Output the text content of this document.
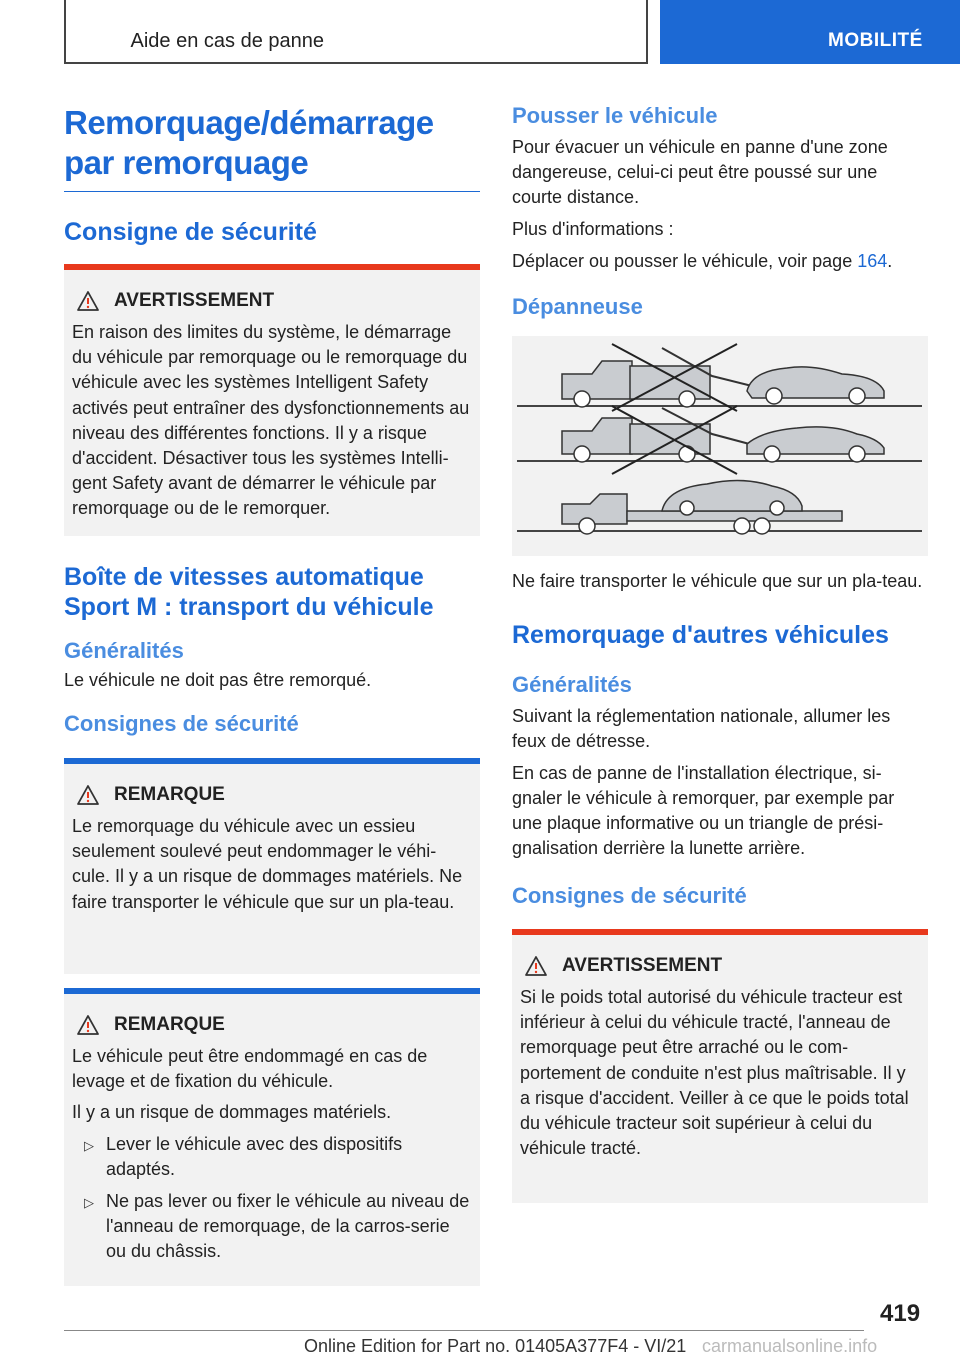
Aide en cas de panne	MOBILITÉ
Remorquage/démarrage
par remorquage
Consigne de sécurité
AVERTISSEMENT

En raison des limites du système, le démarrage du véhicule par remorquage ou le remorquage du véhicule avec les systèmes Intelligent Safety activés peut entraîner des dysfonctionnements au niveau des différentes fonctions. Il y a risque d'accident. Désactiver tous les systèmes Intelli-gent Safety avant de démarrer le véhicule par remorquage ou de le remorquer.

Boîte de vitesses automatique
Sport M : transport du véhicule
Généralités

Le véhicule ne doit pas être remorqué.

Consignes de sécurité
REMARQUE

Le remorquage du véhicule avec un essieu seulement soulevé peut endommager le véhi-cule. Il y a un risque de dommages matériels. Ne faire transporter le véhicule que sur un pla-teau.

REMARQUE

Le véhicule peut être endommagé en cas de levage et de fixation du véhicule.

Il y a un risque de dommages matériels.

▷ Lever le véhicule avec des dispositifs adaptés.
▷ Ne pas lever ou fixer le véhicule au niveau de l'anneau de remorquage, de la carros-serie ou du châssis.
Pousser le véhicule

Pour évacuer un véhicule en panne d'une zone dangereuse, celui-ci peut être poussé sur une courte distance.

Plus d'informations :

Déplacer ou pousser le véhicule, voir page 164.

Dépanneuse

Ne faire transporter le véhicule que sur un pla-teau.

Remorquage d'autres véhicules
Généralités

Suivant la réglementation nationale, allumer les feux de détresse.

En cas de panne de l'installation électrique, si-gnaler le véhicule à remorquer, par exemple par une plaque informative ou un triangle de prési-gnalisation derrière la lunette arrière.

Consignes de sécurité
AVERTISSEMENT

Si le poids total autorisé du véhicule tracteur est inférieur à celui du véhicule tracté, l'anneau de remorquage peut être arraché ou le com-portement de conduite n'est plus maîtrisable. Il y a risque d'accident. Veiller à ce que le poids total du véhicule tracteur soit supérieur à celui du véhicule tracté.

419
Online Edition for Part no. 01405A377F4 - VI/21 carmanualsonline.info
